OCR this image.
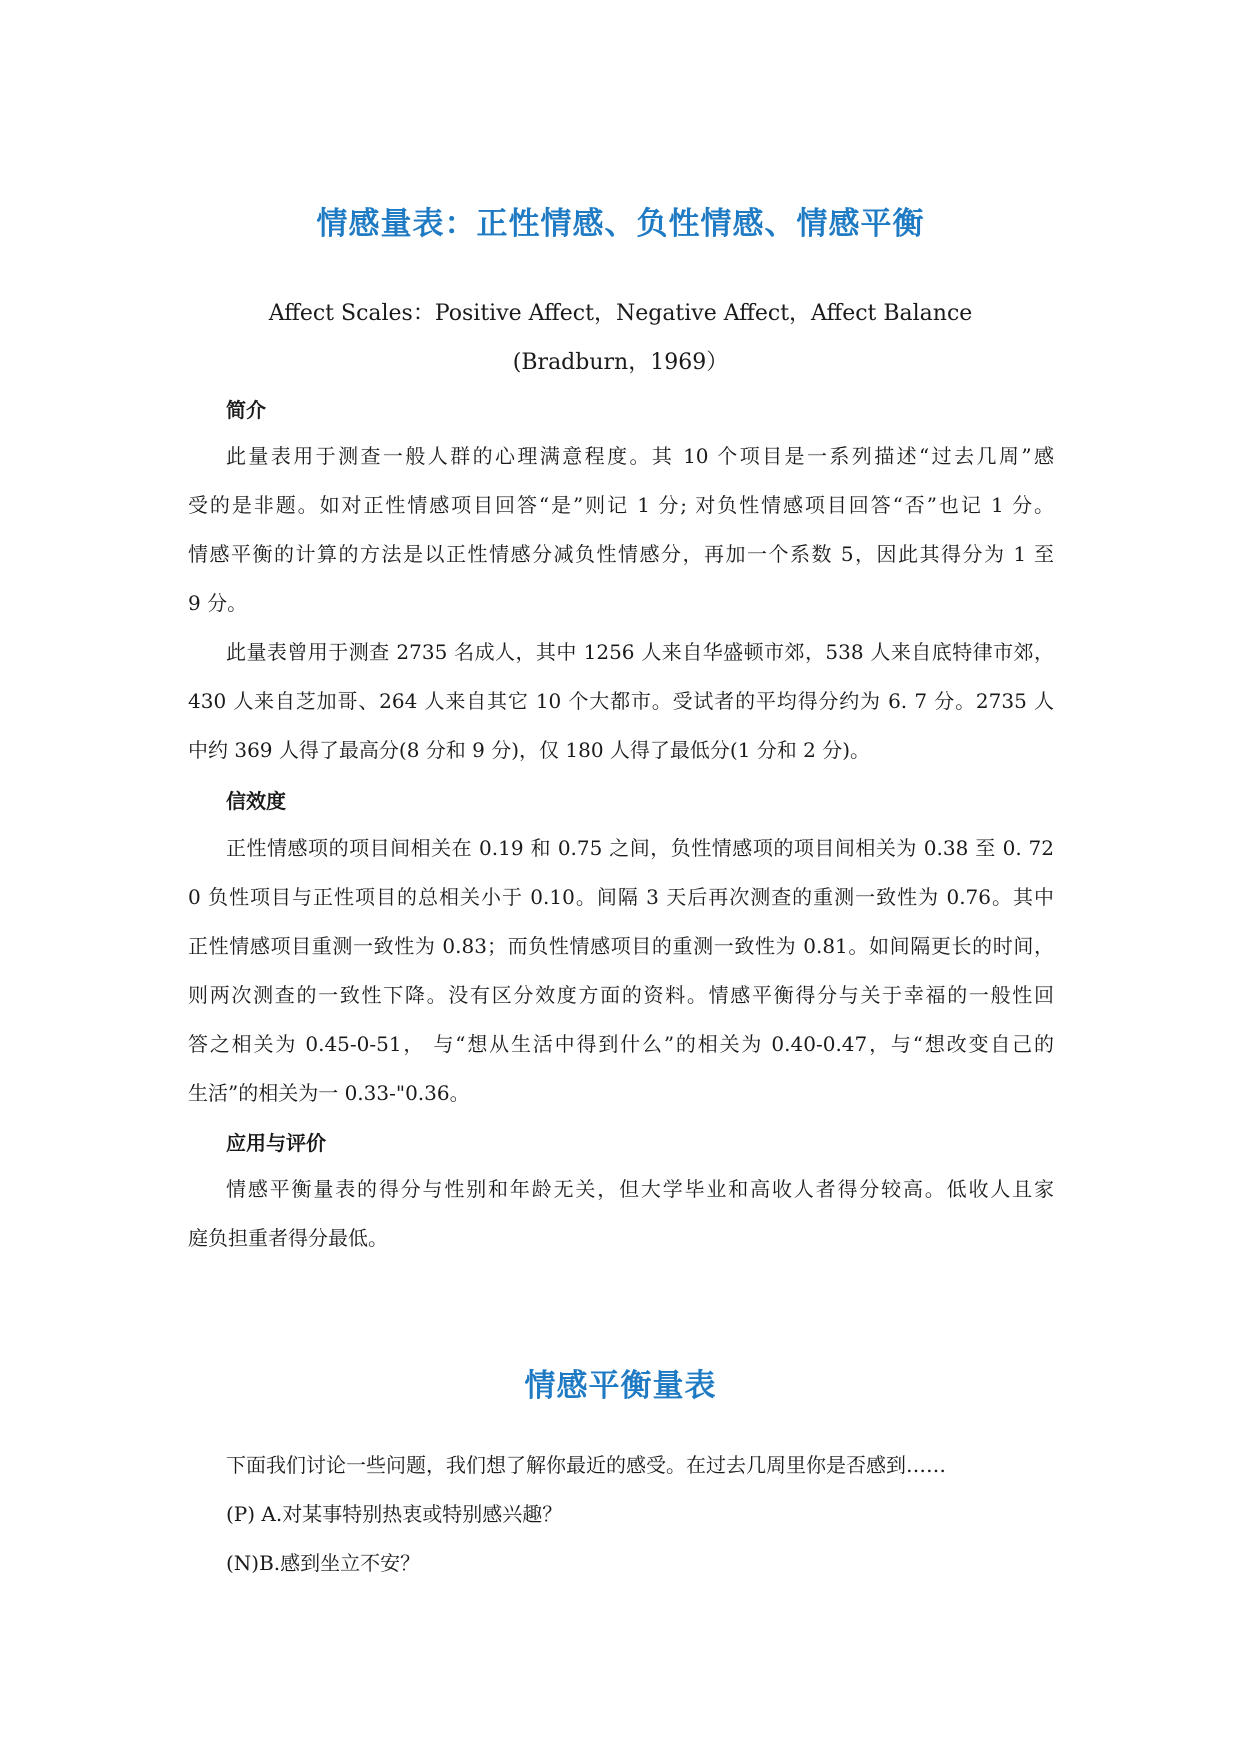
情感量表：正性情感、负性情感、情感平衡
Affect Scales：Positive Affect，Negative Affect，Affect Balance
(Bradburn，1969）
简介
此量表用于测查一般人群的心理满意程度。其 10 个项目是一系列描述“过去几周”感
受的是非题。如对正性情感项目回答“是”则记 1 分; 对负性情感项目回答“否”也记 1 分。
情感平衡的计算的方法是以正性情感分减负性情感分，再加一个系数 5，因此其得分为 1 至
9 分。
此量表曾用于测查 2735 名成人，其中 1256 人来自华盛顿市郊，538 人来自底特律市郊，
430 人来自芝加哥、264 人来自其它 10 个大都市。受试者的平均得分约为 6. 7 分。2735 人
中约 369 人得了最高分(8 分和 9 分)，仅 180 人得了最低分(1 分和 2 分)。
信效度
正性情感项的项目间相关在 0.19 和 0.75 之间，负性情感项的项目间相关为 0.38 至 0. 72
0 负性项目与正性项目的总相关小于 0.10。间隔 3 天后再次测查的重测一致性为 0.76。其中
正性情感项目重测一致性为 0.83；而负性情感项目的重测一致性为 0.81。如间隔更长的时间，
则两次测查的一致性下降。没有区分效度方面的资料。情感平衡得分与关于幸福的一般性回
答之相关为 0.45-0-51， 与“想从生活中得到什么”的相关为 0.40-0.47，与“想改变自己的
生活”的相关为一 0.33-"0.36。
应用与评价
情感平衡量表的得分与性别和年龄无关，但大学毕业和高收人者得分较高。低收人且家
庭负担重者得分最低。
情感平衡量表
下面我们讨论一些问题，我们想了解你最近的感受。在过去几周里你是否感到……
(P) A.对某事特别热衷或特别感兴趣？
(N)B.感到坐立不安？
